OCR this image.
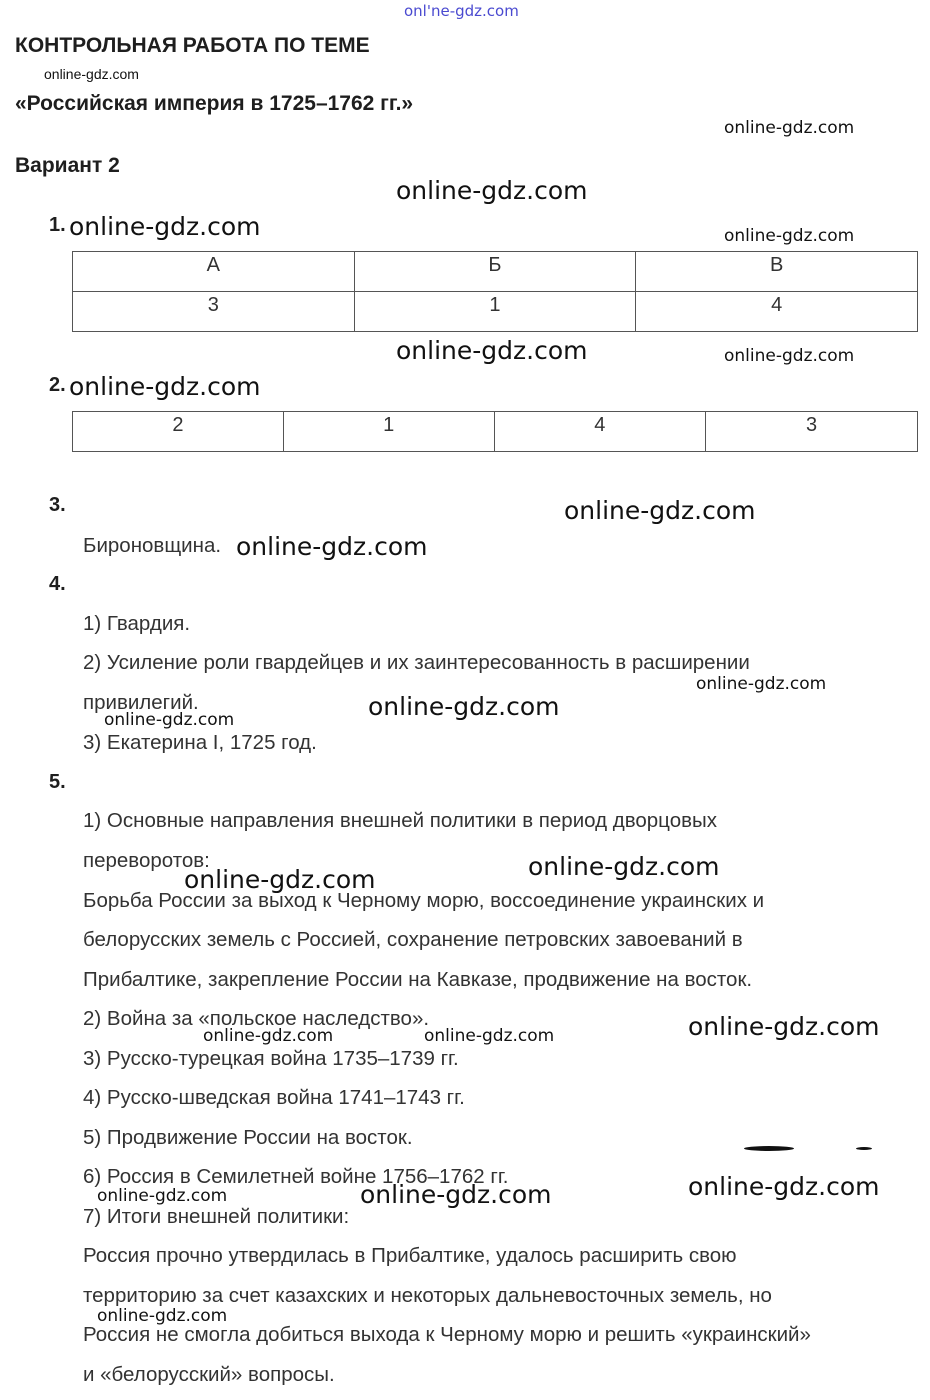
onl'ne-gdz.com
КОНТРОЛЬНАЯ РАБОТА ПО ТЕМЕ
online-gdz.com
«Российская империя в 1725–1762 гг.»
online-gdz.com
Вариант 2
online-gdz.com
1. online-gdz.com	online-gdz.com
А	Б	В
3	1	4
online-gdz.com	online-gdz.com
2. online-gdz.com
2	1	4	3
3.	online-gdz.com
Бироновщина. online-gdz.com
4.
1) Гвардия.
2) Усиление роли гвардейцев и их заинтересованность в расширении
online-gdz.com
привилегий.	online-gdz.com
online-gdz.com
3) Екатерина I, 1725 год.
5.
1) Основные направления внешней политики в период дворцовых
переворотов:	online-gdz.com
online-gdz.com
Борьба России за выход к Черному морю, воссоединение украинских и
белорусских земель с Россией, сохранение петровских завоеваний в
Прибалтике, закрепление России на Кавказе, продвижение на восток.
2) Война за «польское наследство».	online-gdz.com
online-gdz.com	online-gdz.com
3) Русско-турецкая война 1735–1739 гг.
4) Русско-шведская война 1741–1743 гг.
5) Продвижение России на восток.
6) Россия в Семилетней войне 1756–1762 гг.	online-gdz.com
online-gdz.com
online-gdz.com
7) Итоги внешней политики:
Россия прочно утвердилась в Прибалтике, удалось расширить свою
территорию за счет казахских и некоторых дальневосточных земель, но
online-gdz.com
Россия не смогла добиться выхода к Черному морю и решить «украинский»
и «белорусский» вопросы.
